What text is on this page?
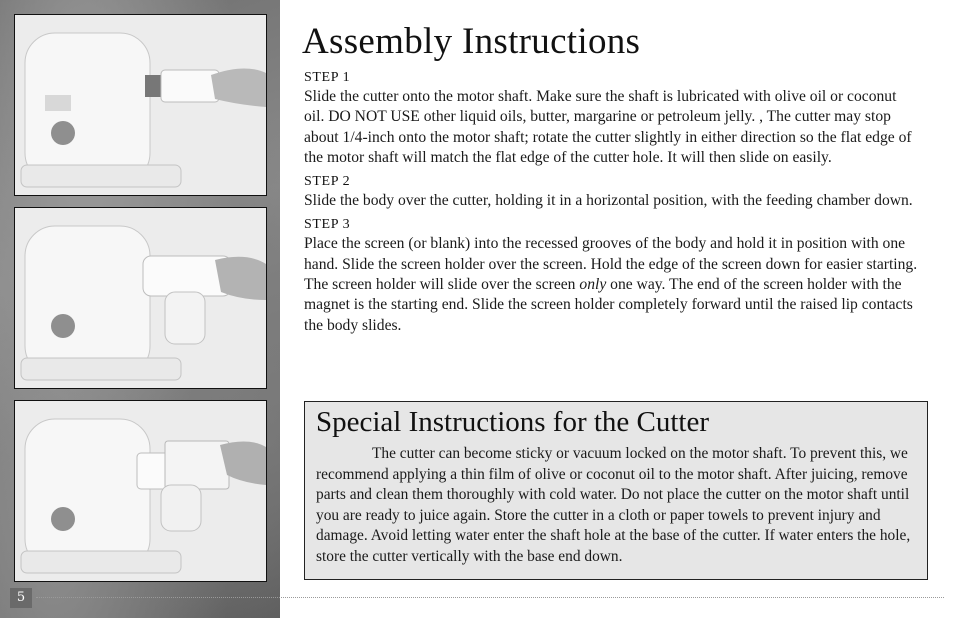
5
Assembly Instructions

STEP 1

Slide the cutter onto the motor shaft. Make sure the shaft is lubricated with olive oil or coconut oil. DO NOT USE other liquid oils, butter, margarine or petroleum jelly. , The cutter may stop about 1/4-inch onto the motor shaft; rotate the cutter slightly in either direction so the flat edge of the motor shaft will match the flat edge of the cutter hole. It will then slide on easily.

STEP 2

Slide the body over the cutter, holding it in a horizontal position, with the feeding chamber down.

STEP 3

Place the screen (or blank) into the recessed grooves of the body and hold it in position with one hand. Slide the screen holder over the screen. Hold the edge of the screen down for easier starting. The screen holder will slide over the screen only one way. The end of the screen holder with the magnet is the starting end. Slide the screen holder completely forward until the raised lip contacts the body slides.

Special Instructions for the Cutter

The cutter can become sticky or vacuum locked on the motor shaft. To prevent this, we recommend applying a thin film of olive or coconut oil to the motor shaft. After juicing, remove parts and clean them thoroughly with cold water. Do not place the cutter on the motor shaft until you are ready to juice again. Store the cutter in a cloth or paper towels to prevent injury and damage. Avoid letting water enter the shaft hole at the base of the cutter. If water enters the hole, store the cutter vertically with the base end down.
